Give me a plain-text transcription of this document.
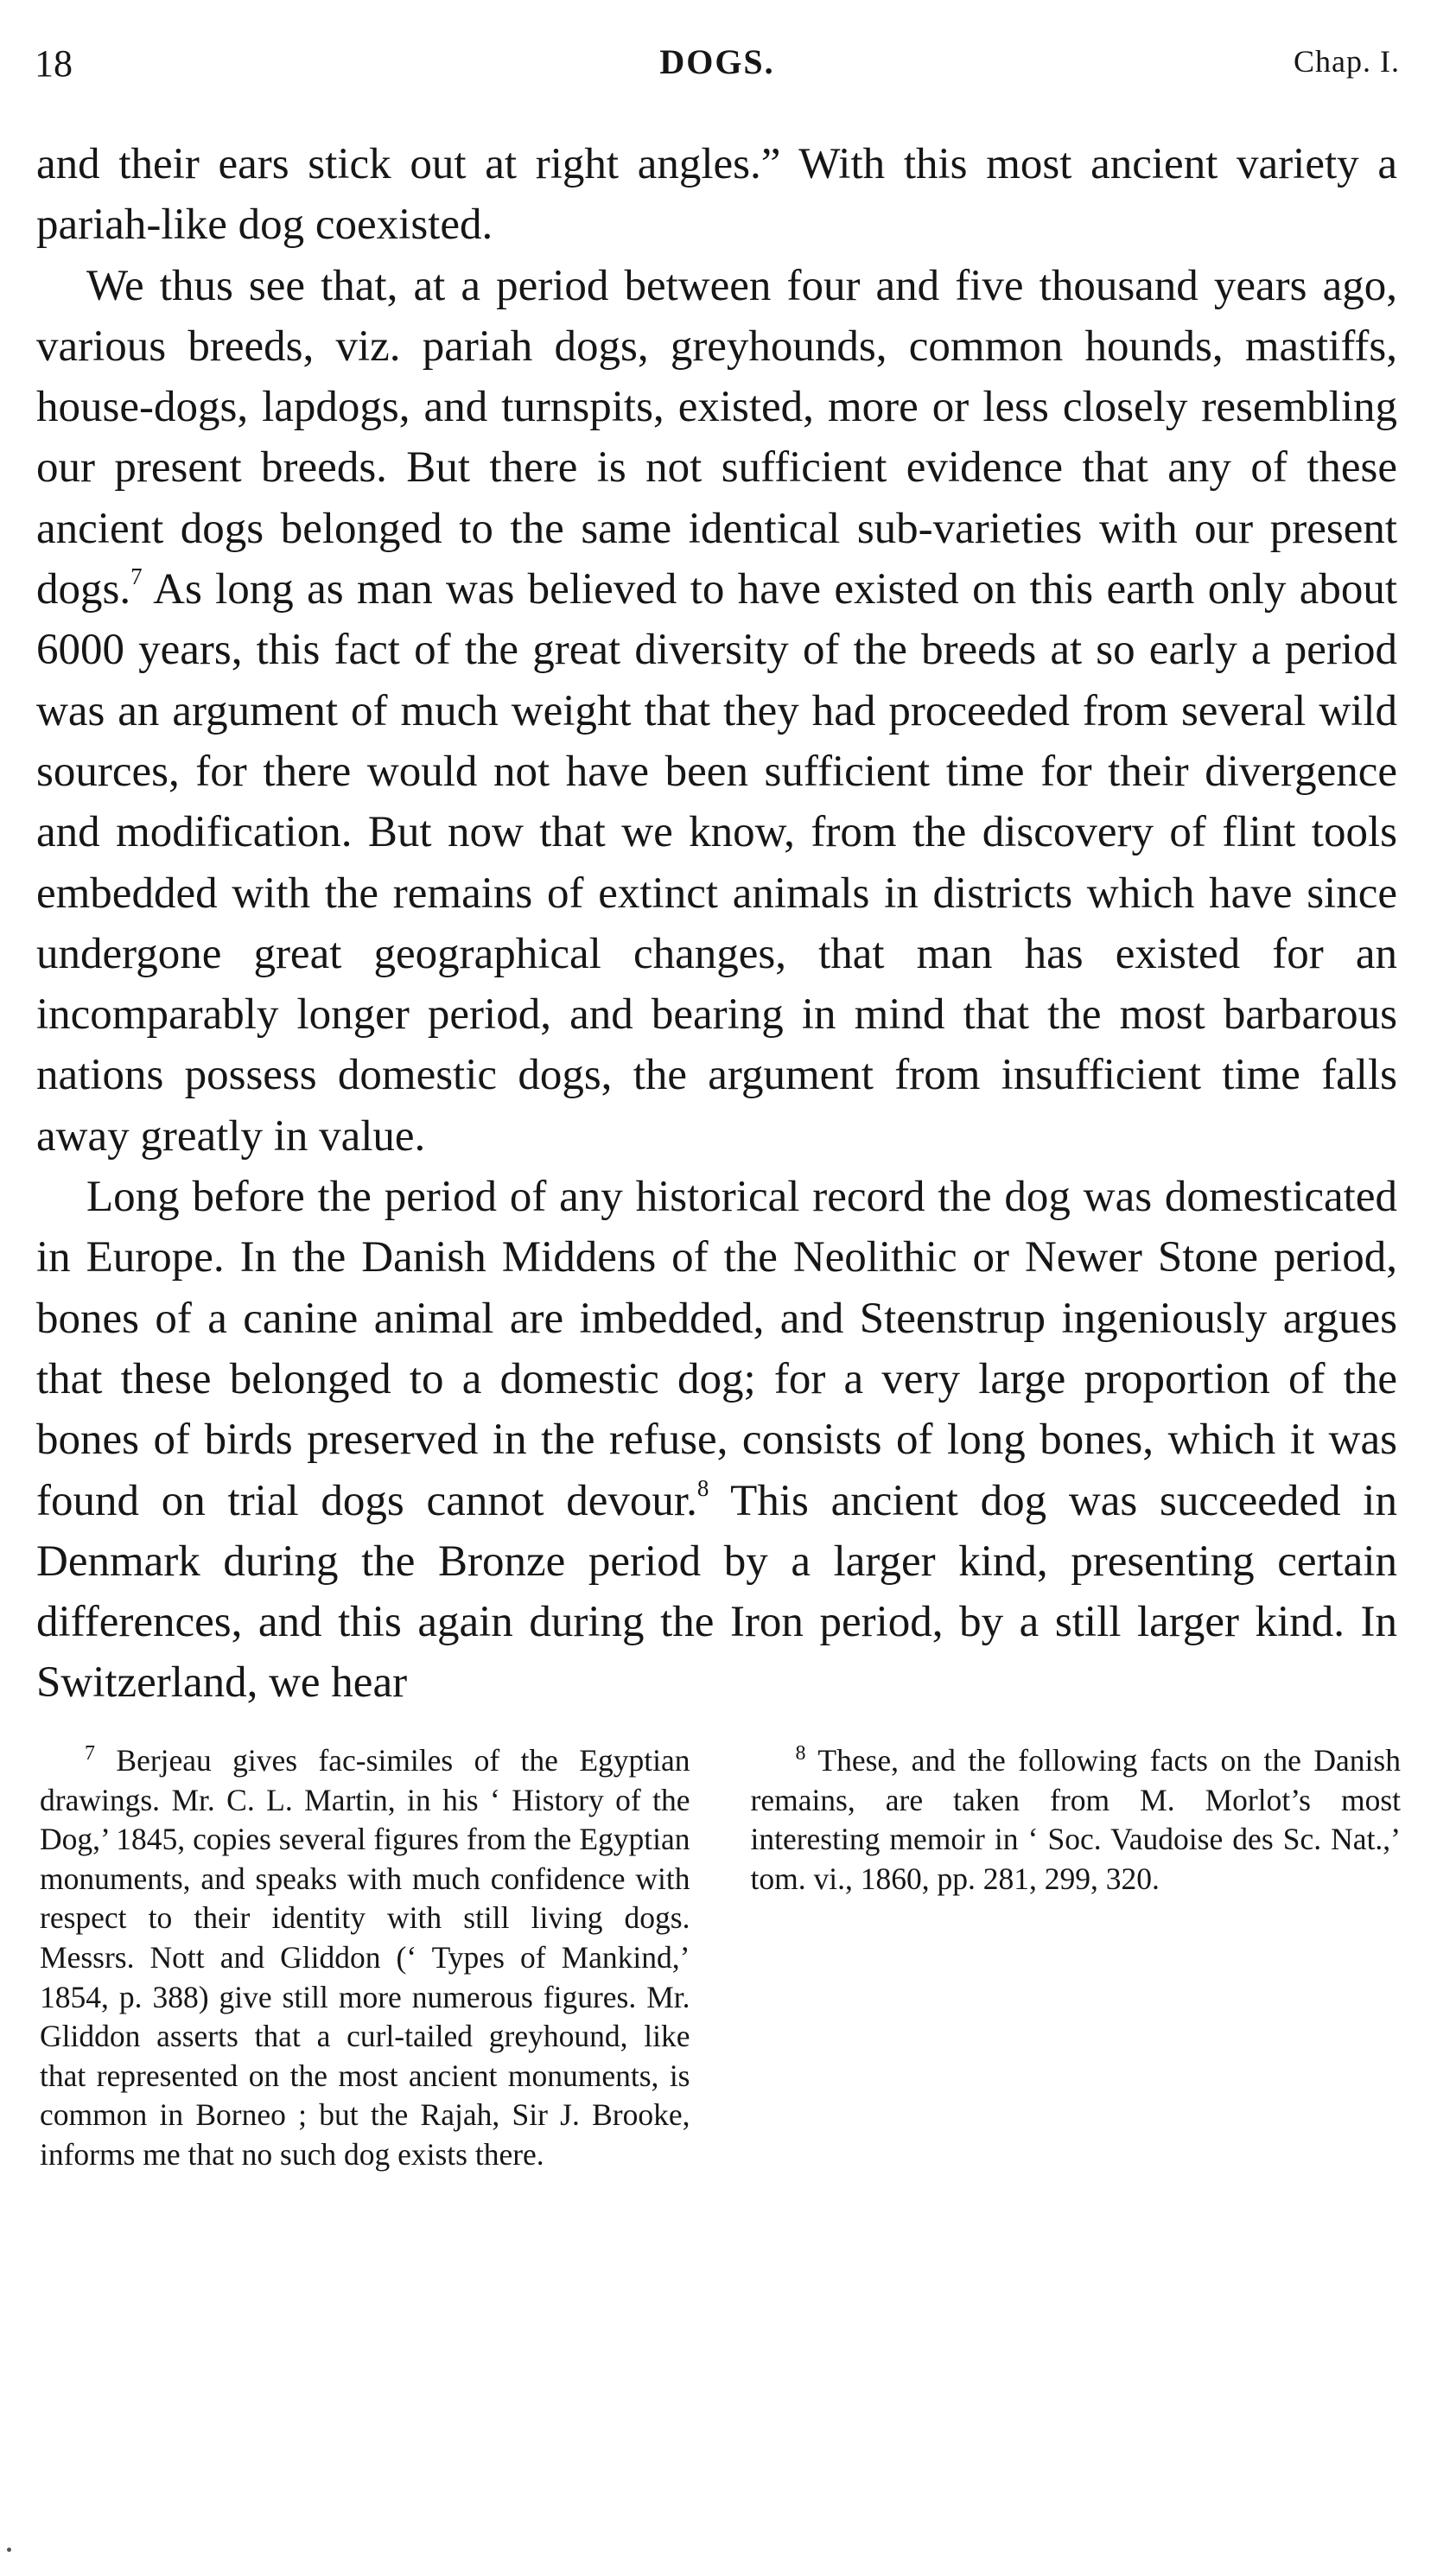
18	DOGS.	Chap. I.

and their ears stick out at right angles.” With this most ancient variety a pariah-like dog coexisted.

We thus see that, at a period between four and five thousand years ago, various breeds, viz. pariah dogs, greyhounds, common hounds, mastiffs, house-dogs, lapdogs, and turnspits, existed, more or less closely resembling our present breeds. But there is not sufficient evidence that any of these ancient dogs belonged to the same identical sub-varieties with our present dogs.$^7$ As long as man was believed to have existed on this earth only about 6000 years, this fact of the great diversity of the breeds at so early a period was an argument of much weight that they had proceeded from several wild sources, for there would not have been sufficient time for their divergence and modification. But now that we know, from the discovery of flint tools embedded with the remains of extinct animals in districts which have since undergone great geographical changes, that man has existed for an incomparably longer period, and bearing in mind that the most barbarous nations possess domestic dogs, the argument from insufficient time falls away greatly in value.

Long before the period of any historical record the dog was domesticated in Europe. In the Danish Middens of the Neolithic or Newer Stone period, bones of a canine animal are imbedded, and Steenstrup ingeniously argues that these belonged to a domestic dog; for a very large proportion of the bones of birds preserved in the refuse, consists of long bones, which it was found on trial dogs cannot devour.$^8$ This ancient dog was succeeded in Denmark during the Bronze period by a larger kind, presenting certain differences, and this again during the Iron period, by a still larger kind. In Switzerland, we hear

$^7$ Berjeau gives fac-similes of the Egyptian drawings. Mr. C. L. Martin, in his ‘ History of the Dog,’ 1845, copies several figures from the Egyptian monuments, and speaks with much confidence with respect to their identity with still living dogs. Messrs. Nott and Gliddon (‘ Types of Mankind,’ 1854, p. 388) give still more numerous figures. Mr. Gliddon asserts that a curl-tailed greyhound, like that represented on the most ancient monuments, is common in Borneo ; but the Rajah, Sir J. Brooke, informs me that no such dog exists there.

$^8$ These, and the following facts on the Danish remains, are taken from M. Morlot’s most interesting memoir in ‘ Soc. Vaudoise des Sc. Nat.,’ tom. vi., 1860, pp. 281, 299, 320.
